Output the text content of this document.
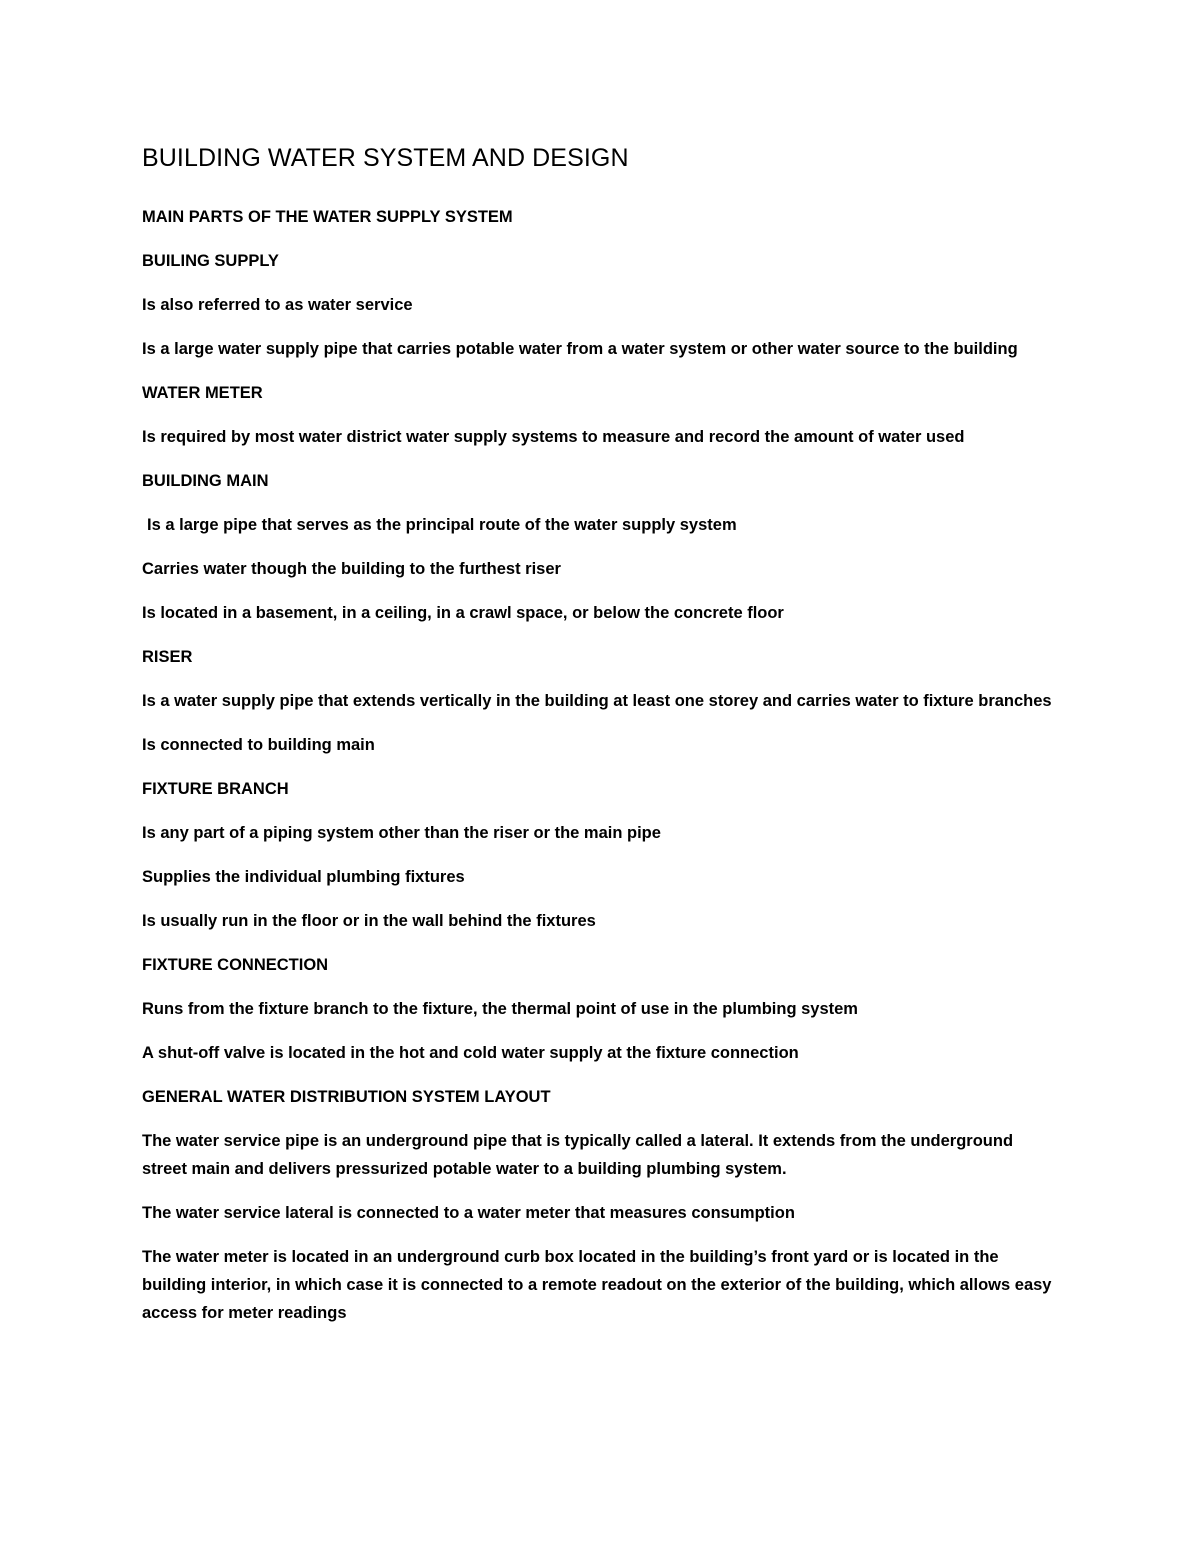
BUILDING WATER SYSTEM AND DESIGN

MAIN PARTS OF THE WATER SUPPLY SYSTEM

BUILING SUPPLY

Is also referred to as water service

Is a large water supply pipe that carries potable water from a water system or other water source to the building

WATER METER

Is required by most water district water supply systems to measure and record the amount of water used

BUILDING MAIN

Is a large pipe that serves as the principal route of the water supply system

Carries water though the building to the furthest riser

Is located in a basement, in a ceiling, in a crawl space, or below the concrete floor

RISER

Is a water supply pipe that extends vertically in the building at least one storey and carries water to fixture branches

Is connected to building main

FIXTURE BRANCH

Is any part of a piping system other than the riser or the main pipe

Supplies the individual plumbing fixtures

Is usually run in the floor or in the wall behind the fixtures

FIXTURE CONNECTION

Runs from the fixture branch to the fixture, the thermal point of use in the plumbing system

A shut-off valve is located in the hot and cold water supply at the fixture connection

GENERAL WATER DISTRIBUTION SYSTEM LAYOUT

The water service pipe is an underground pipe that is typically called a lateral. It extends from the underground street main and delivers pressurized potable water to a building plumbing system.

The water service lateral is connected to a water meter that measures consumption

The water meter is located in an underground curb box located in the building’s front yard or is located in the building interior, in which case it is connected to a remote readout on the exterior of the building, which allows easy access for meter readings
